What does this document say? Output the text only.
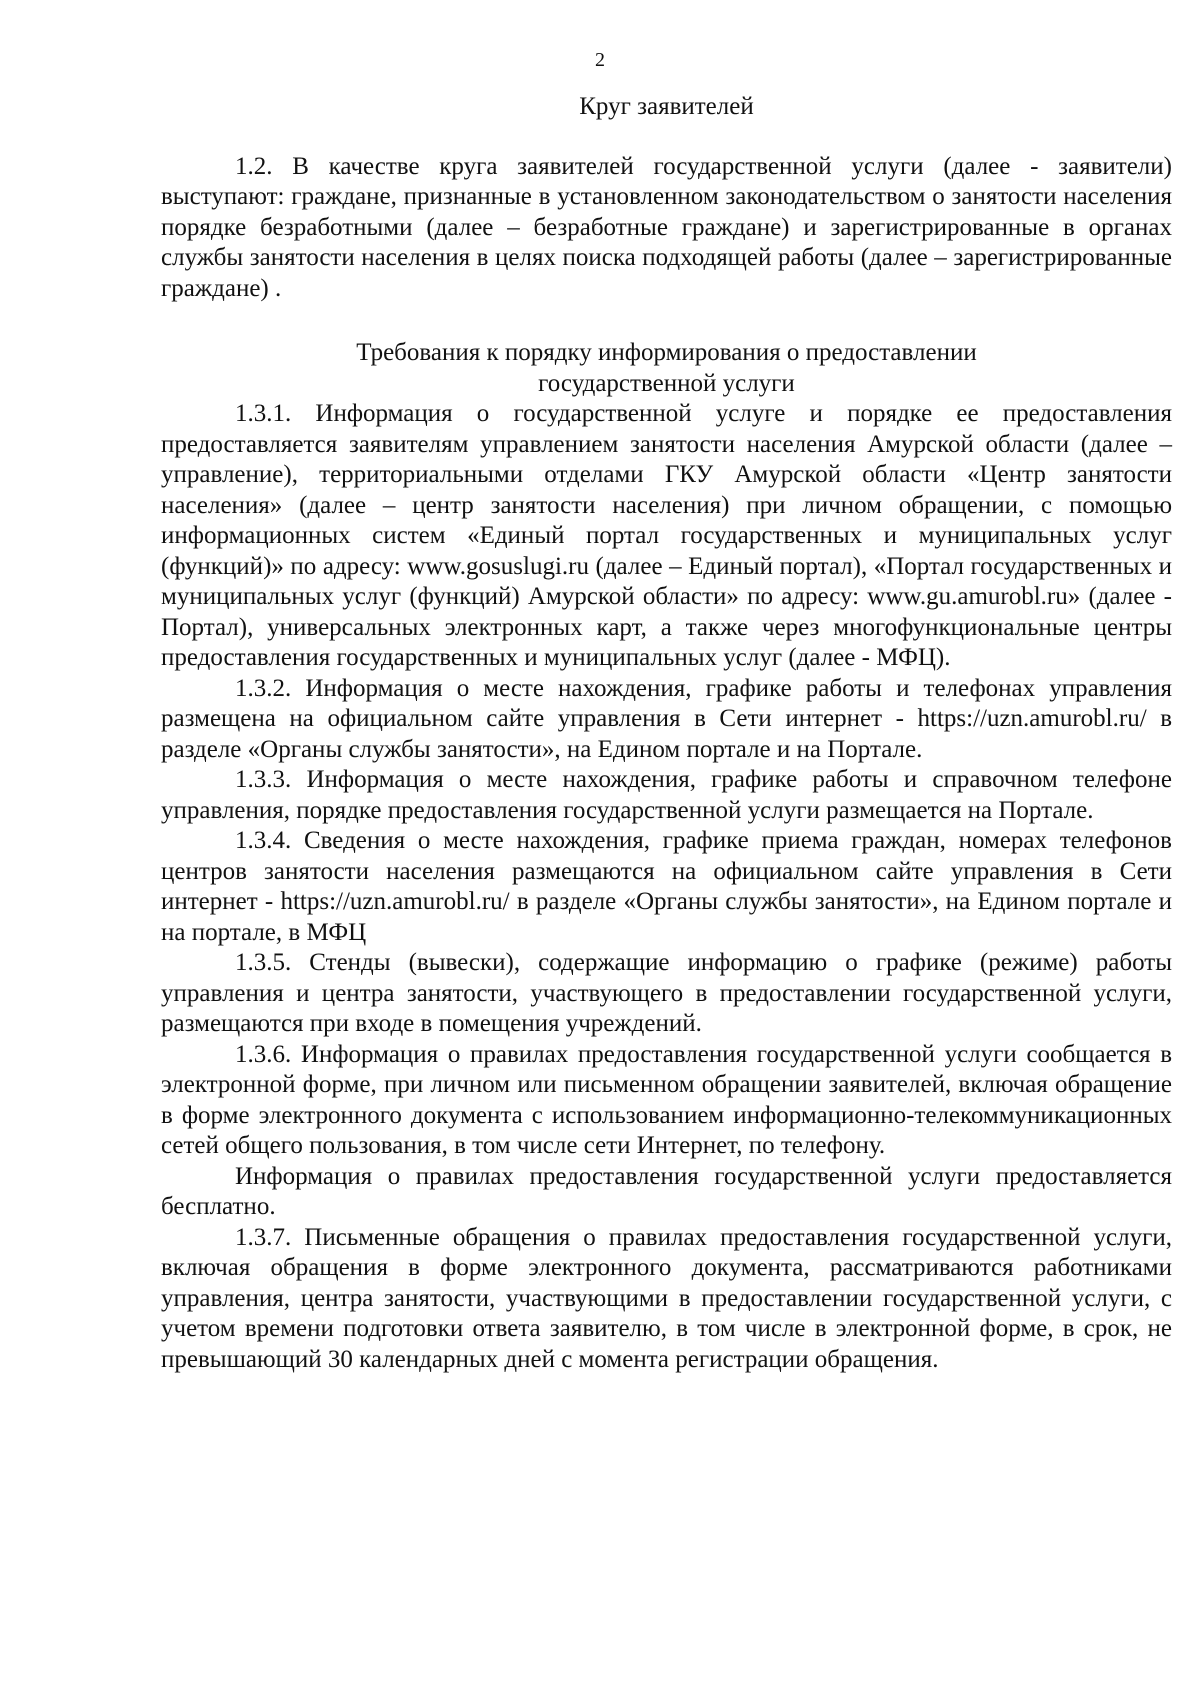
2
Круг заявителей

1.2. В качестве круга заявителей государственной услуги (далее - заявители) выступают: граждане, признанные в установленном законодательством о занятости населения порядке безработными (далее – безработные граждане) и зарегистрированные в органах службы занятости населения в целях поиска подходящей работы (далее – зарегистрированные граждане) .

Требования к порядку информирования о предоставлении
государственной услуги

1.3.1. Информация о государственной услуге и порядке ее предоставления предоставляется заявителям управлением занятости населения Амурской области (далее – управление), территориальными отделами ГКУ Амурской области «Центр занятости населения» (далее – центр занятости населения) при личном обращении, с помощью информационных систем «Единый портал государственных и муниципальных услуг (функций)» по адресу: www.gosuslugi.ru (далее – Единый портал), «Портал государственных и муниципальных услуг (функций) Амурской области» по адресу: www.gu.amurobl.ru» (далее - Портал), универсальных электронных карт, а также через многофункциональные центры предоставления государственных и муниципальных услуг (далее - МФЦ).

1.3.2. Информация о месте нахождения, графике работы и телефонах управления размещена на официальном сайте управления в Сети интернет - https://uzn.amurobl.ru/ в разделе «Органы службы занятости», на Едином портале и на Портале.

1.3.3. Информация о месте нахождения, графике работы и справочном телефоне управления, порядке предоставления государственной услуги размещается на Портале.

1.3.4. Сведения о месте нахождения, графике приема граждан, номерах телефонов центров занятости населения размещаются на официальном сайте управления в Сети интернет - https://uzn.amurobl.ru/ в разделе «Органы службы занятости», на Едином портале и на портале, в МФЦ

1.3.5. Стенды (вывески), содержащие информацию о графике (режиме) работы управления и центра занятости, участвующего в предоставлении государственной услуги, размещаются при входе в помещения учреждений.

1.3.6. Информация о правилах предоставления государственной услуги сообщается в электронной форме, при личном или письменном обращении заявителей, включая обращение в форме электронного документа с использованием информационно-телекоммуникационных сетей общего пользования, в том числе сети Интернет, по телефону.

Информация о правилах предоставления государственной услуги предоставляется бесплатно.

1.3.7. Письменные обращения о правилах предоставления государственной услуги, включая обращения в форме электронного документа, рассматриваются работниками управления, центра занятости, участвующими в предоставлении государственной услуги, с учетом времени подготовки ответа заявителю, в том числе в электронной форме, в срок, не превышающий 30 календарных дней с момента регистрации обращения.
